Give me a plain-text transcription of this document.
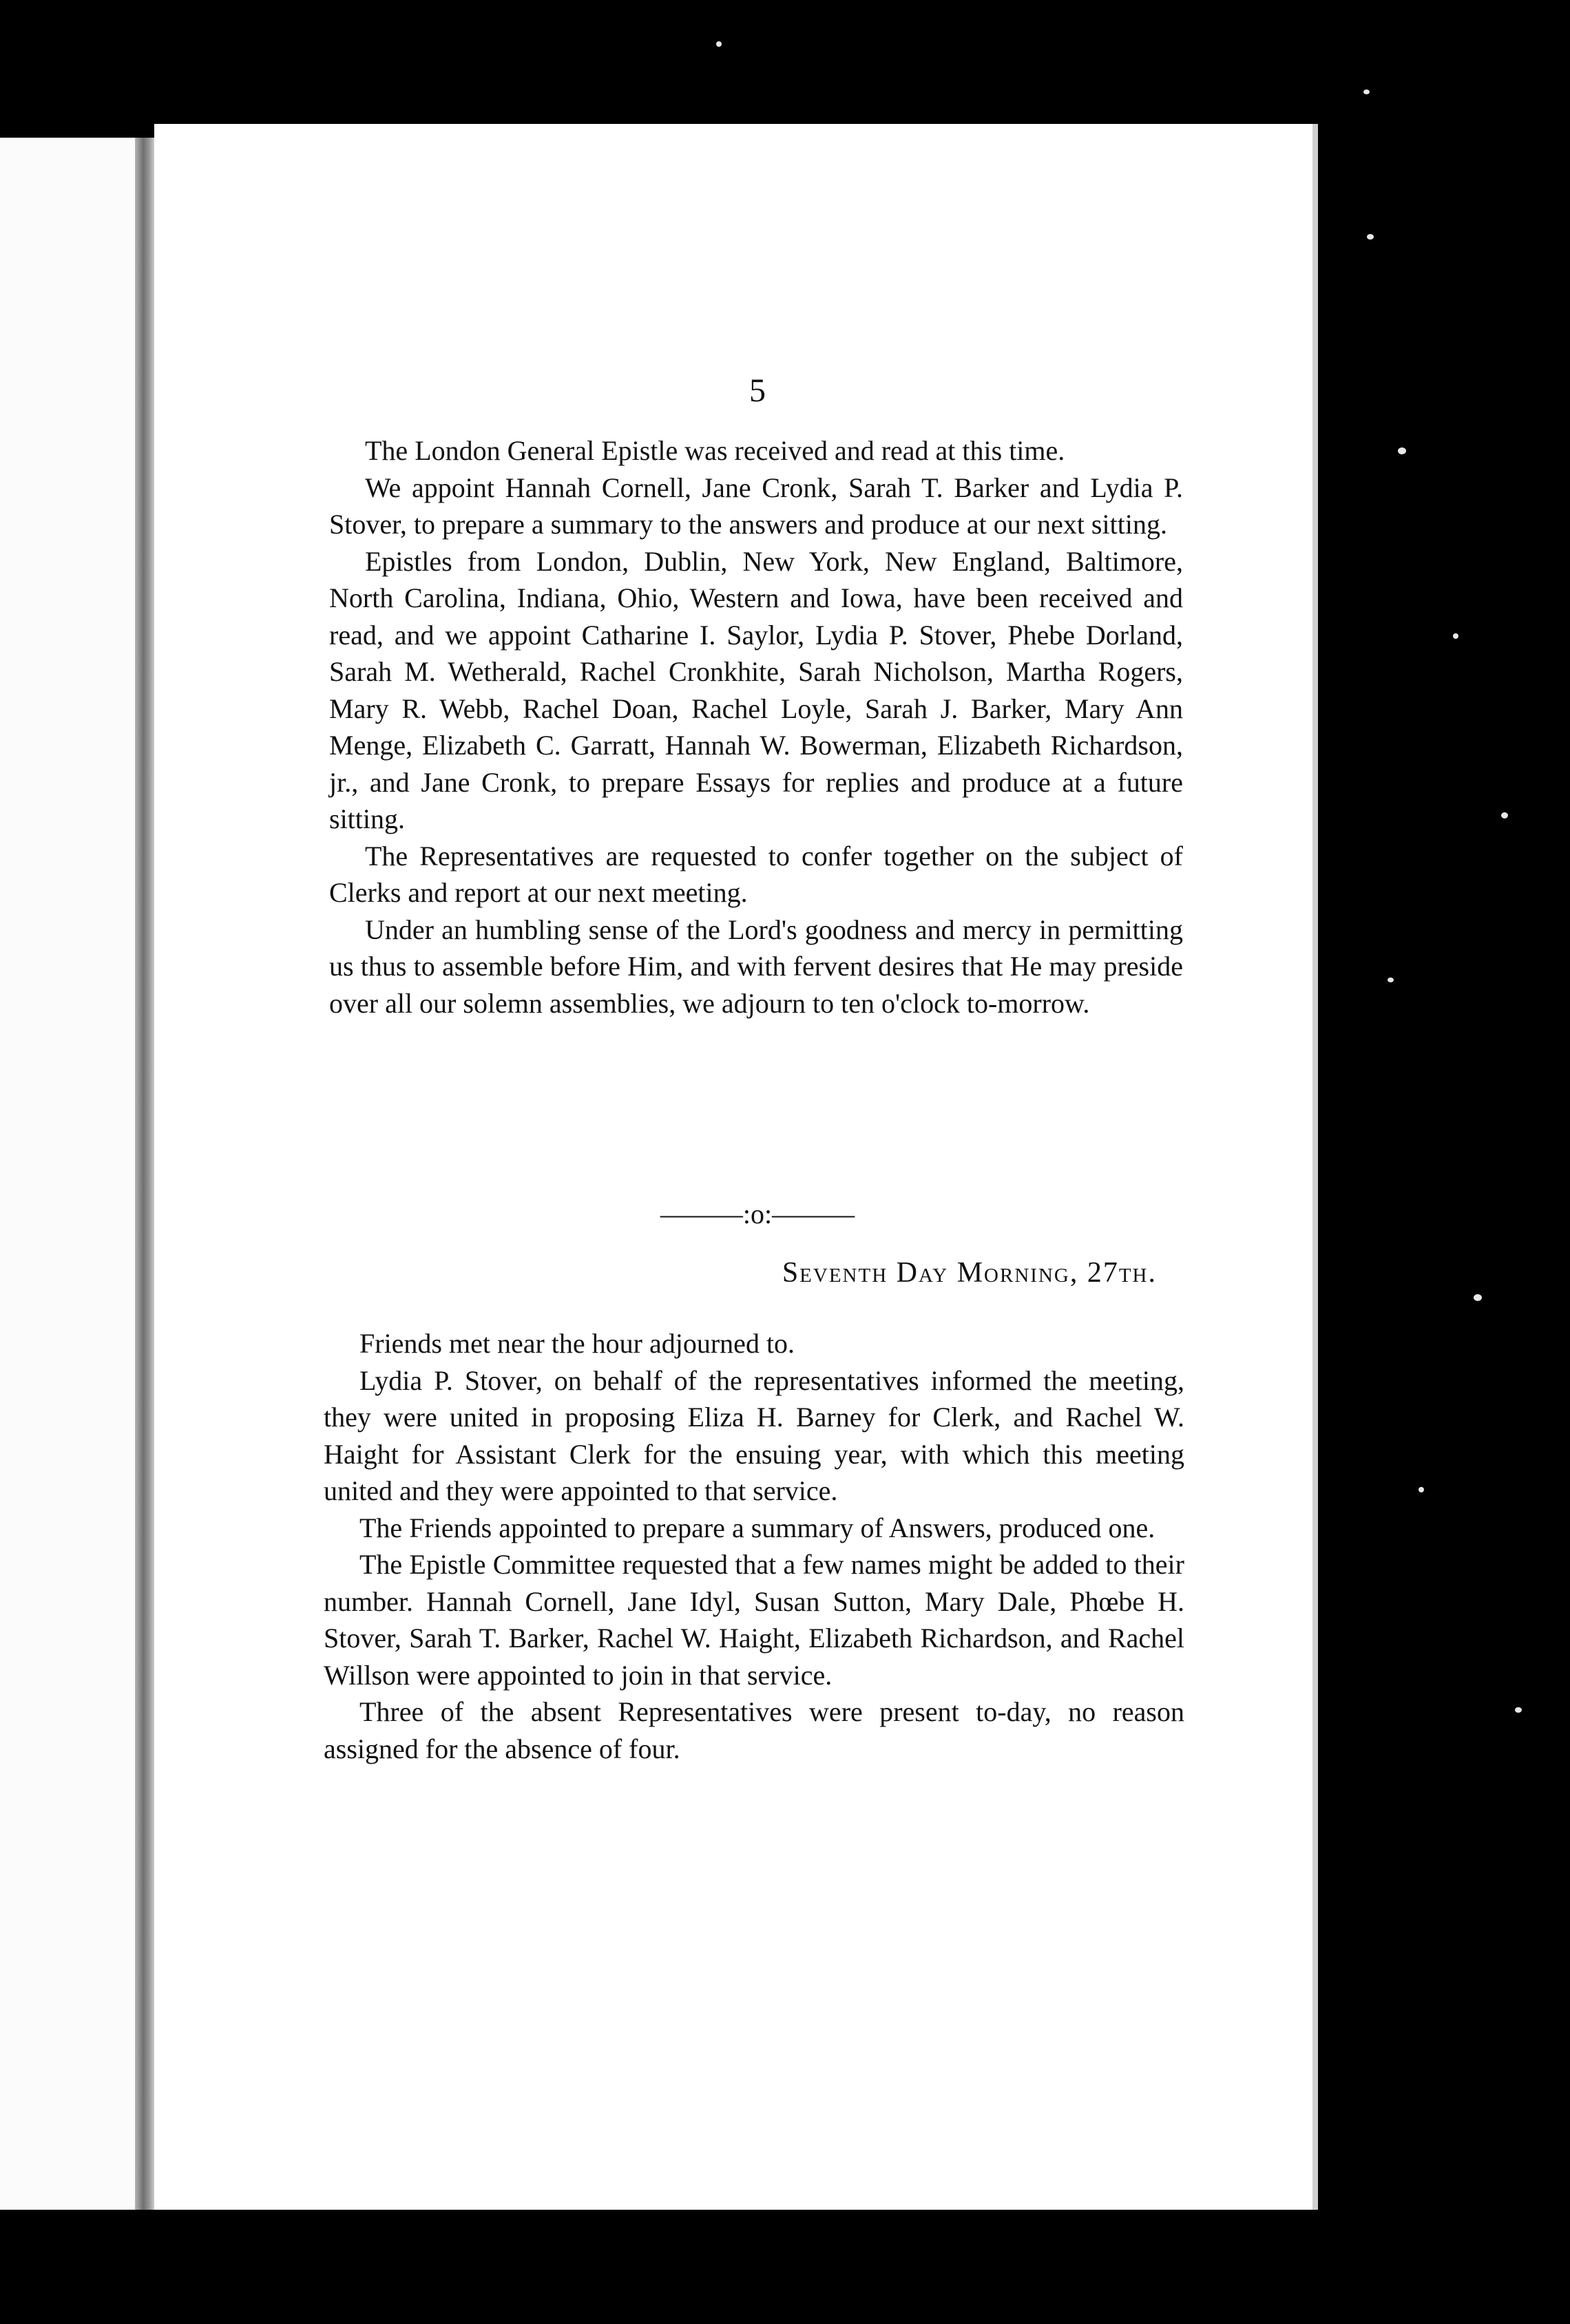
5

The London General Epistle was received and read at this time.

We appoint Hannah Cornell, Jane Cronk, Sarah T. Barker and Lydia P. Stover, to prepare a summary to the answers and produce at our next sitting.

Epistles from London, Dublin, New York, New England, Baltimore, North Carolina, Indiana, Ohio, Western and Iowa, have been received and read, and we appoint Catharine I. Saylor, Lydia P. Stover, Phebe Dorland, Sarah M. Wetherald, Rachel Cronkhite, Sarah Nicholson, Martha Rogers, Mary R. Webb, Rachel Doan, Rachel Loyle, Sarah J. Barker, Mary Ann Menge, Elizabeth C. Garratt, Hannah W. Bowerman, Elizabeth Richardson, jr., and Jane Cronk, to prepare Essays for replies and produce at a future sitting.

The Representatives are requested to confer together on the subject of Clerks and report at our next meeting.

Under an humbling sense of the Lord's goodness and mercy in permitting us thus to assemble before Him, and with fervent desires that He may preside over all our solemn assemblies, we adjourn to ten o'clock to-morrow.

———:o:———
Seventh Day Morning, 27th.

Friends met near the hour adjourned to.

Lydia P. Stover, on behalf of the representatives informed the meeting, they were united in proposing Eliza H. Barney for Clerk, and Rachel W. Haight for Assistant Clerk for the ensuing year, with which this meeting united and they were appointed to that service.

The Friends appointed to prepare a summary of Answers, produced one.

The Epistle Committee requested that a few names might be added to their number. Hannah Cornell, Jane Idyl, Susan Sutton, Mary Dale, Phœbe H. Stover, Sarah T. Barker, Rachel W. Haight, Elizabeth Richardson, and Rachel Willson were appointed to join in that service.

Three of the absent Representatives were present to-day, no reason assigned for the absence of four.
